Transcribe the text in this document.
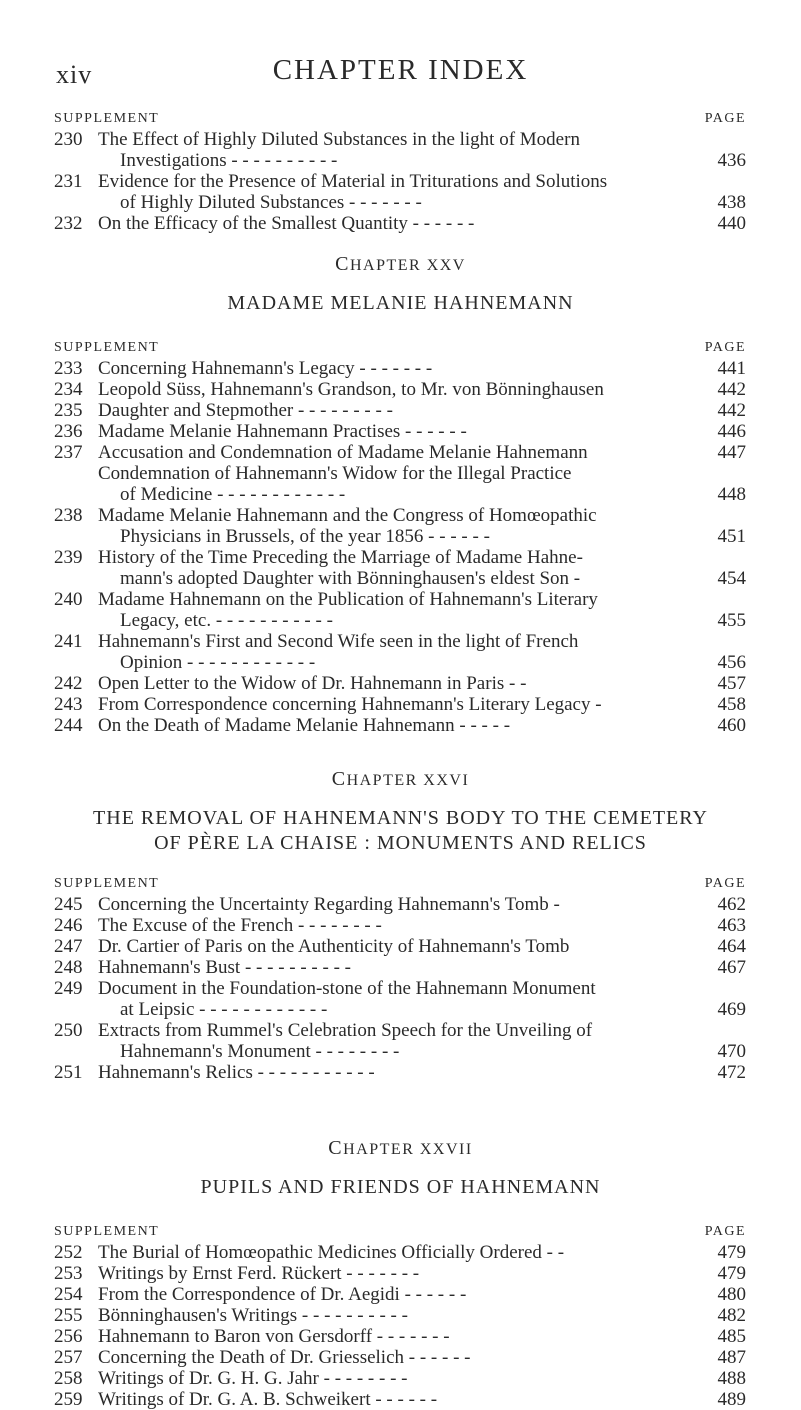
xiv	CHAPTER INDEX
SUPPLEMENT	PAGE
230 The Effect of Highly Diluted Substances in the light of Modern
Investigations - - - - - - - - - -	436
231 Evidence for the Presence of Material in Triturations and Solutions
of Highly Diluted Substances - - - - - - -	438
232 On the Efficacy of the Smallest Quantity - - - - - -	440
CHAPTER XXV
MADAME MELANIE HAHNEMANN
SUPPLEMENT	PAGE
233 Concerning Hahnemann's Legacy - - - - - - -	441
234 Leopold Süss, Hahnemann's Grandson, to Mr. von Bönninghausen	442
235 Daughter and Stepmother - - - - - - - - -	442
236 Madame Melanie Hahnemann Practises - - - - - -	446
237 Accusation and Condemnation of Madame Melanie Hahnemann	447
Condemnation of Hahnemann's Widow for the Illegal Practice
of Medicine - - - - - - - - - - - -	448
238 Madame Melanie Hahnemann and the Congress of Homœopathic
Physicians in Brussels, of the year 1856 - - - - - -	451
239 History of the Time Preceding the Marriage of Madame Hahne-
mann's adopted Daughter with Bönninghausen's eldest Son -	454
240 Madame Hahnemann on the Publication of Hahnemann's Literary
Legacy, etc. - - - - - - - - - - -	455
241 Hahnemann's First and Second Wife seen in the light of French
Opinion - - - - - - - - - - - -	456
242 Open Letter to the Widow of Dr. Hahnemann in Paris - -	457
243 From Correspondence concerning Hahnemann's Literary Legacy -	458
244 On the Death of Madame Melanie Hahnemann - - - - -	460
CHAPTER XXVI
THE REMOVAL OF HAHNEMANN'S BODY TO THE CEMETERY
OF PÈRE LA CHAISE : MONUMENTS AND RELICS
SUPPLEMENT	PAGE
245 Concerning the Uncertainty Regarding Hahnemann's Tomb -	462
246 The Excuse of the French - - - - - - - -	463
247 Dr. Cartier of Paris on the Authenticity of Hahnemann's Tomb	464
248 Hahnemann's Bust - - - - - - - - - -	467
249 Document in the Foundation-stone of the Hahnemann Monument
at Leipsic - - - - - - - - - - - -	469
250 Extracts from Rummel's Celebration Speech for the Unveiling of
Hahnemann's Monument - - - - - - - -	470
251 Hahnemann's Relics - - - - - - - - - - -	472
CHAPTER XXVII
PUPILS AND FRIENDS OF HAHNEMANN
SUPPLEMENT	PAGE
252 The Burial of Homœopathic Medicines Officially Ordered - -	479
253 Writings by Ernst Ferd. Rückert - - - - - - -	479
254 From the Correspondence of Dr. Aegidi - - - - - -	480
255 Bönninghausen's Writings - - - - - - - - - -	482
256 Hahnemann to Baron von Gersdorff - - - - - - -	485
257 Concerning the Death of Dr. Griesselich - - - - - -	487
258 Writings of Dr. G. H. G. Jahr - - - - - - - -	488
259 Writings of Dr. G. A. B. Schweikert - - - - - -	489
